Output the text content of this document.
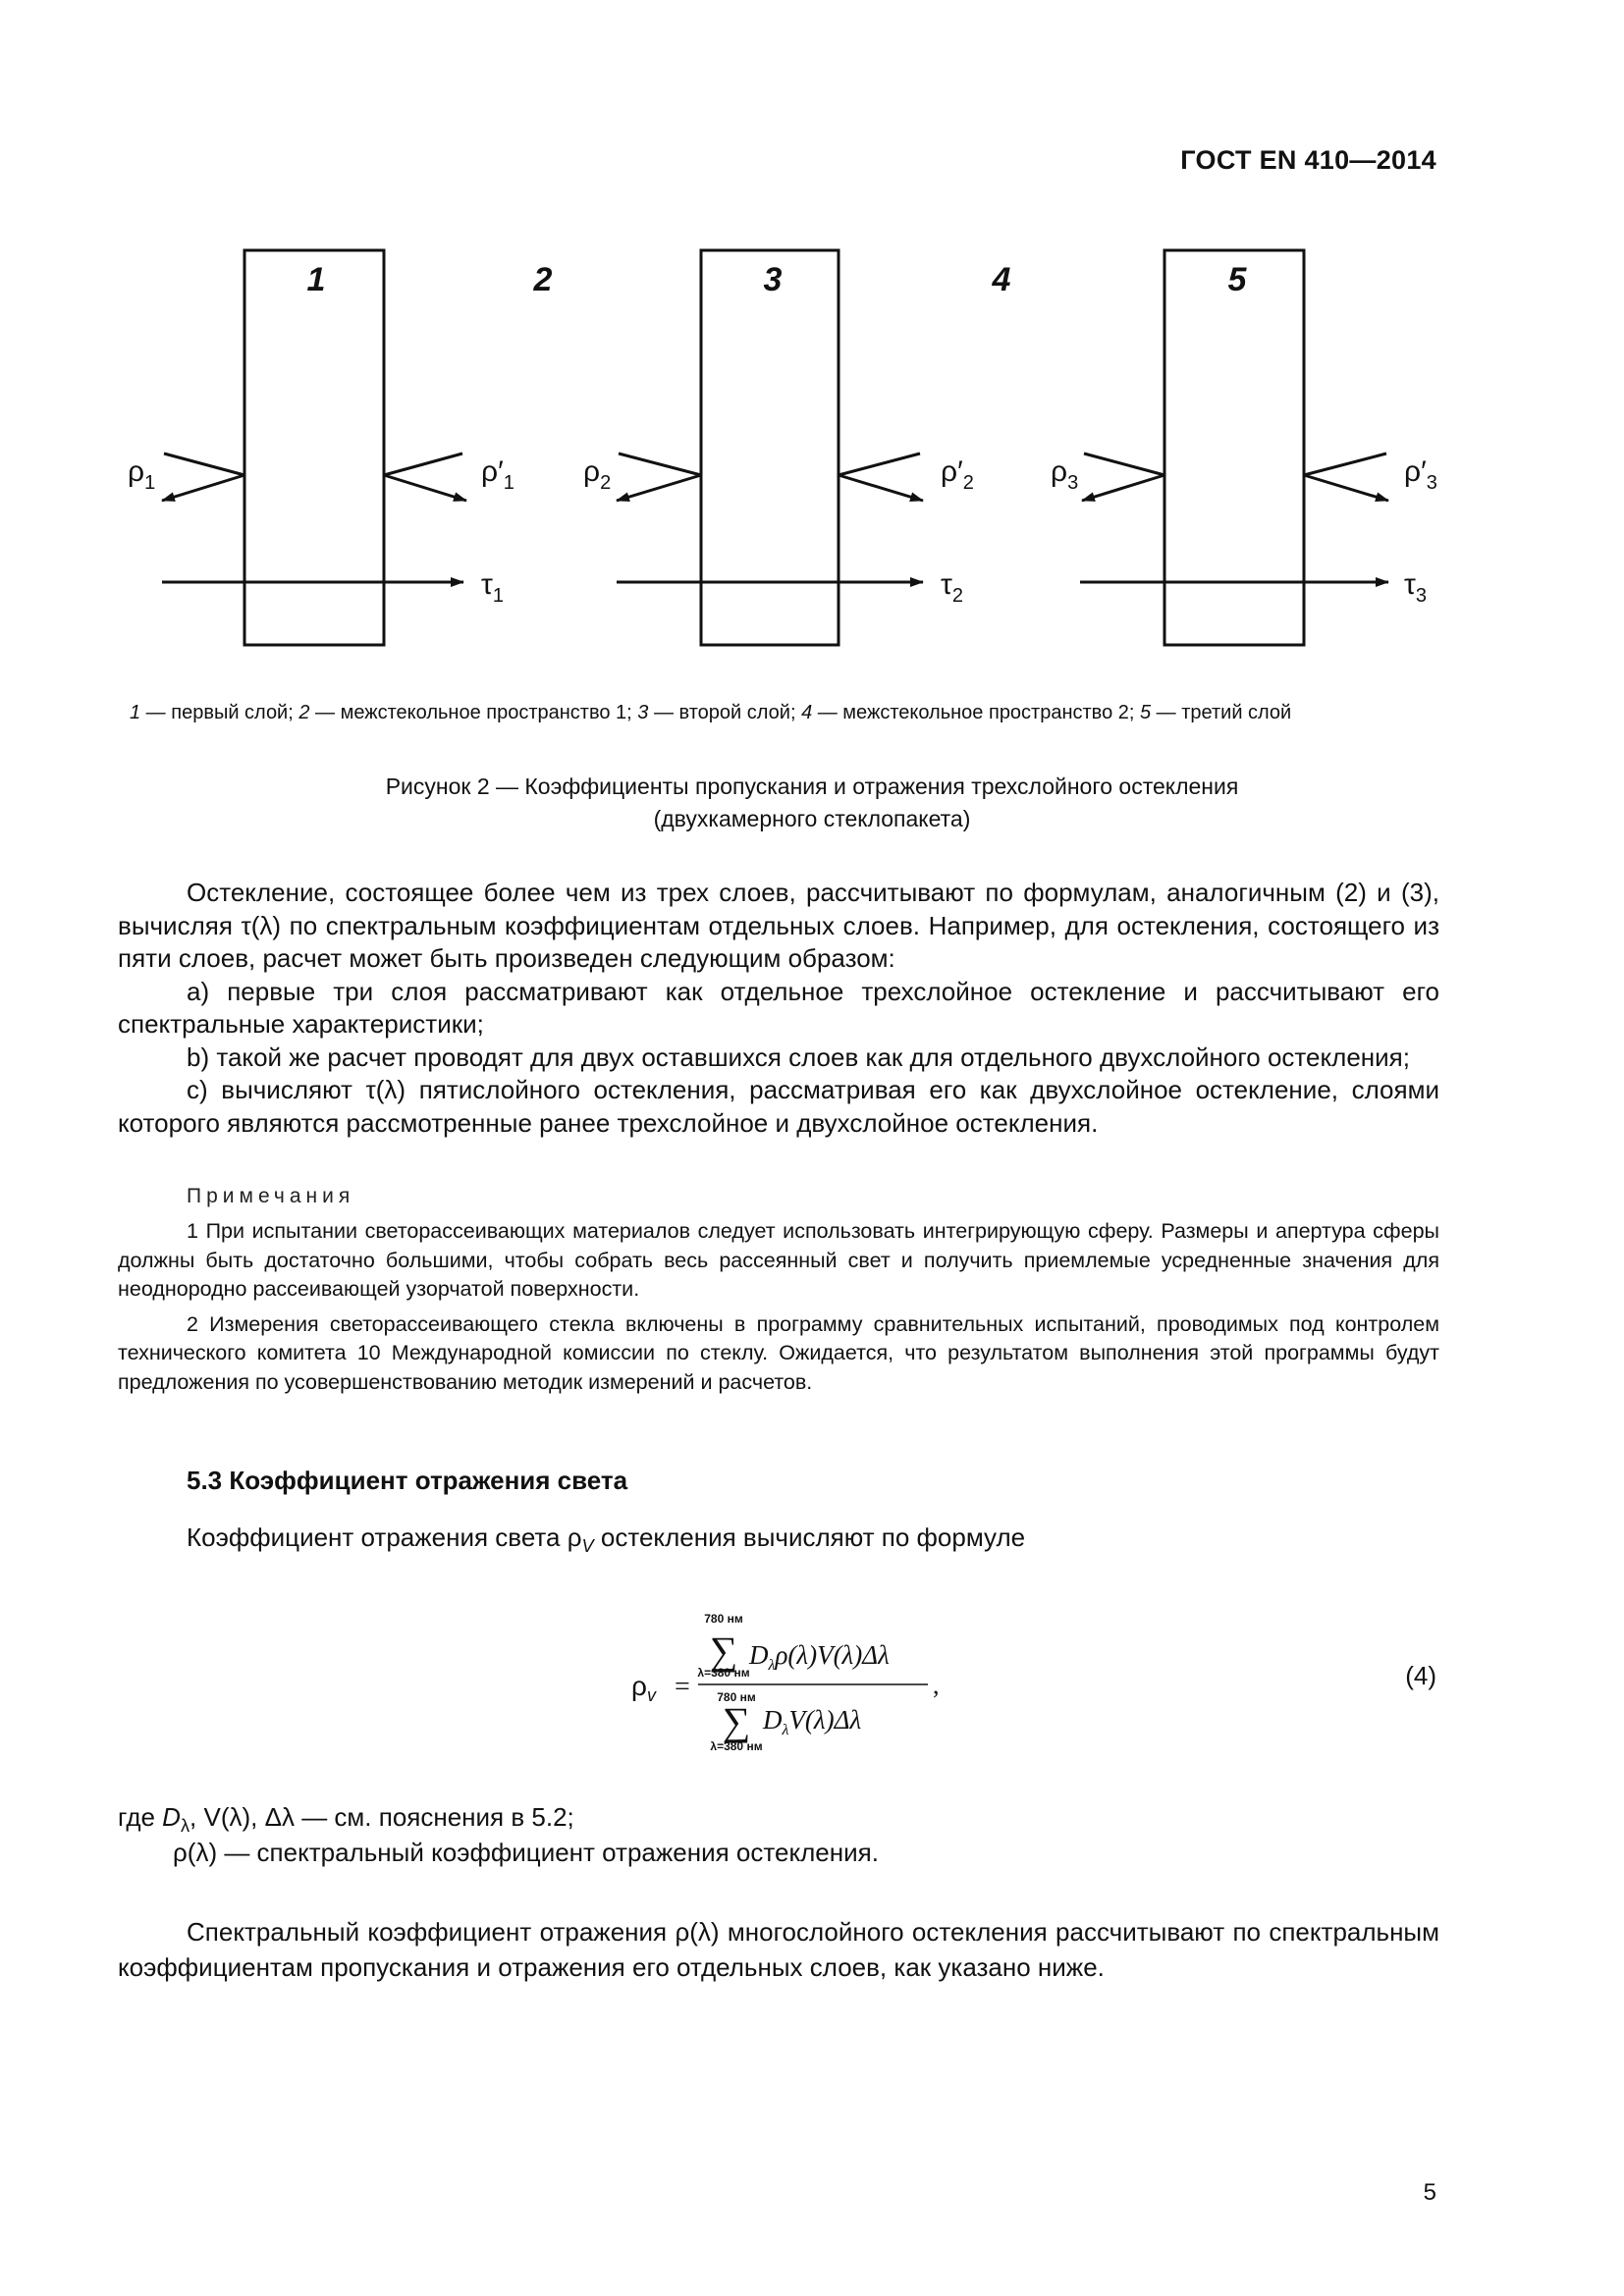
ГОСТ EN 410—2014
1	2	3	4	5
$\rho_1$	$\rho'_1$
$\tau_1$
$\rho_2$	$\rho'_2$
$\tau_2$
$\rho_3$	$\rho'_3$
$\tau_3$
1 — первый слой; 2 — межстекольное пространство 1; 3 — второй слой; 4 — межстекольное пространство 2; 5 — третий слой
Рисунок 2 — Коэффициенты пропускания и отражения трехслойного остекления
(двухкамерного стеклопакета)

Остекление, состоящее более чем из трех слоев, рассчитывают по формулам, аналогичным (2) и (3), вычисляя τ(λ) по спектральным коэффициентам отдельных слоев. Например, для остекления, состоящего из пяти слоев, расчет может быть произведен следующим образом:

a) первые три слоя рассматривают как отдельное трехслойное остекление и рассчитывают его спектральные характеристики;

b) такой же расчет проводят для двух оставшихся слоев как для отдельного двухслойного остекления;

c) вычисляют τ(λ) пятислойного остекления, рассматривая его как двухслойное остекление, слоями которого являются рассмотренные ранее трехслойное и двухслойное остекления.

Примечания

1 При испытании светорассеивающих материалов следует использовать интегрирующую сферу. Размеры и апертура сферы должны быть достаточно большими, чтобы собрать весь рассеянный свет и получить приемлемые усредненные значения для неоднородно рассеивающей узорчатой поверхности.

2 Измерения светорассеивающего стекла включены в программу сравнительных испытаний, проводимых под контролем технического комитета 10 Международной комиссии по стеклу. Ожидается, что результатом выполнения этой программы будут предложения по усовершенствованию методик измерений и расчетов.

5.3 Коэффициент отражения света
Коэффициент отражения света $\rho_V$ остекления вычисляют по формуле
$\rho_v$ =
780 нм
∑
λ=380 нм
$D_\lambda\rho(\lambda)V(\lambda)\Delta\lambda$
,
780 нм
∑
λ=380 нм
$D_\lambda V(\lambda)\Delta\lambda$
(4)
где $D_\lambda$, V(λ), Δλ — см. пояснения в 5.2;
ρ(λ) — спектральный коэффициент отражения остекления.

Спектральный коэффициент отражения ρ(λ) многослойного остекления рассчитывают по спектральным коэффициентам пропускания и отражения его отдельных слоев, как указано ниже.

5
